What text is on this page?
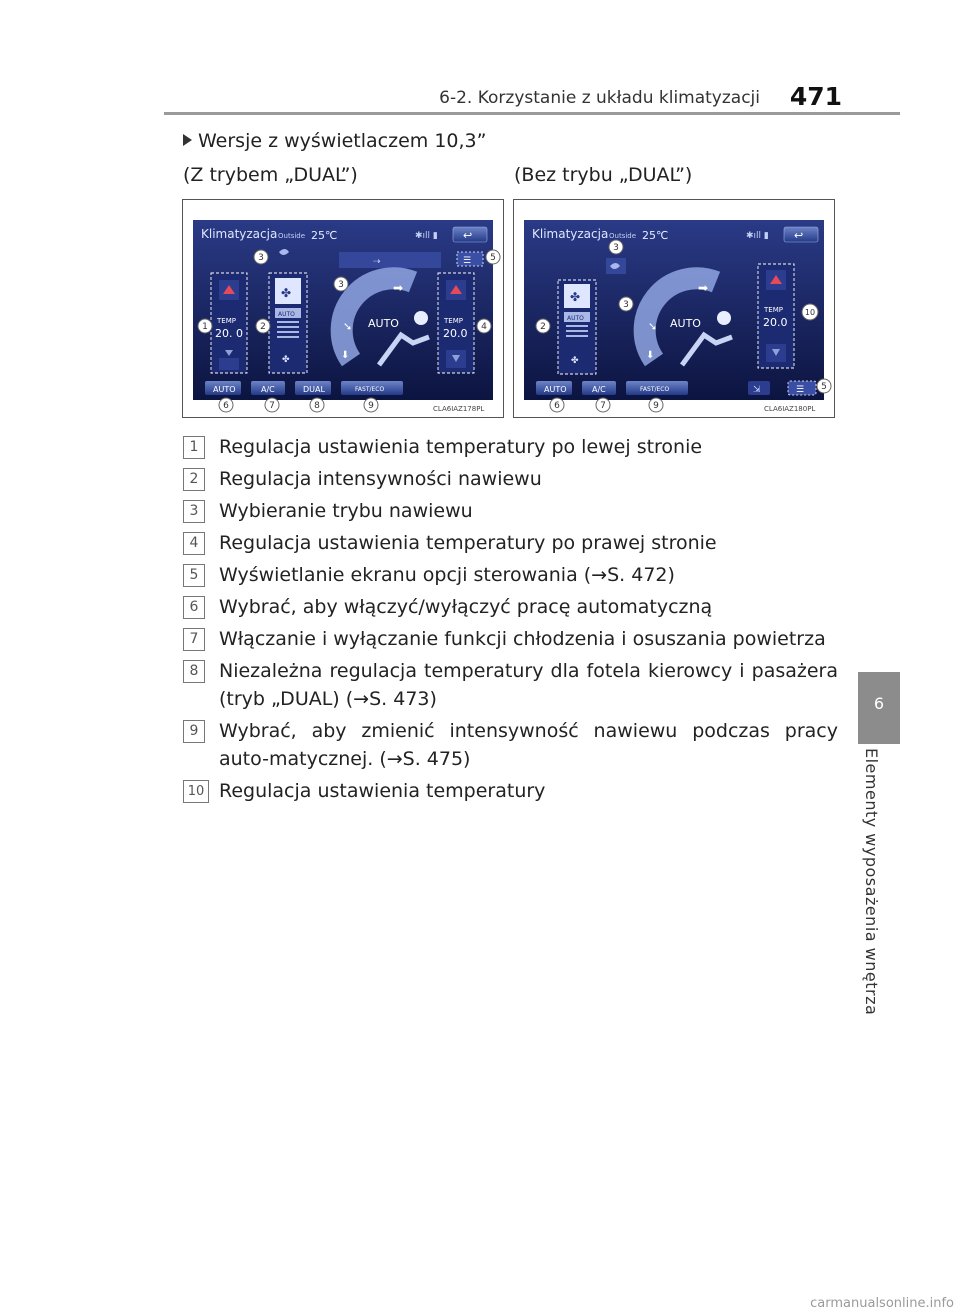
6-2. Korzystanie z układu klimatyzacji 471
6
Elementy wyposażenia wnętrza
Wersje z wyświetlaczem 10,3”
(Z trybem „DUAL”)	(Bez trybu „DUAL”)
Klimatyzacja Outside 25℃	✱ıll ▮ ↩
⇢	☰
TEMP
20. 0
✤
AUTO
✤
➡
➘ AUTO
⬇
TEMP
20.0
AUTO	A/C	DUAL	FAST/ECO
3	5
3
1	2	4
6	7	8	9	CLA6IAZ178PL
Klimatyzacja Outside 25℃	✱ıll ▮ ↩
✤
AUTO
✤
➡
➘ AUTO
⬇
TEMP
20.0
AUTO	A/C	FAST/ECO	⇲	☰
3
3
2
10
5
6	7	9	CLA6IAZ180PL
1	Regulacja ustawienia temperatury po lewej stronie
2	Regulacja intensywności nawiewu
3	Wybieranie trybu nawiewu
4	Regulacja ustawienia temperatury po prawej stronie
5	Wyświetlanie ekranu opcji sterowania (→S. 472)
6	Wybrać, aby włączyć/wyłączyć pracę automatyczną
7	Włączanie i wyłączanie funkcji chłodzenia i osuszania powietrza
8	Niezależna regulacja temperatury dla fotela kierowcy i pasażera (tryb „DUAL) (→S. 473)
9	Wybrać, aby zmienić intensywność nawiewu podczas pracy auto-matycznej. (→S. 475)
10 Regulacja ustawienia temperatury
carmanualsonline.info
